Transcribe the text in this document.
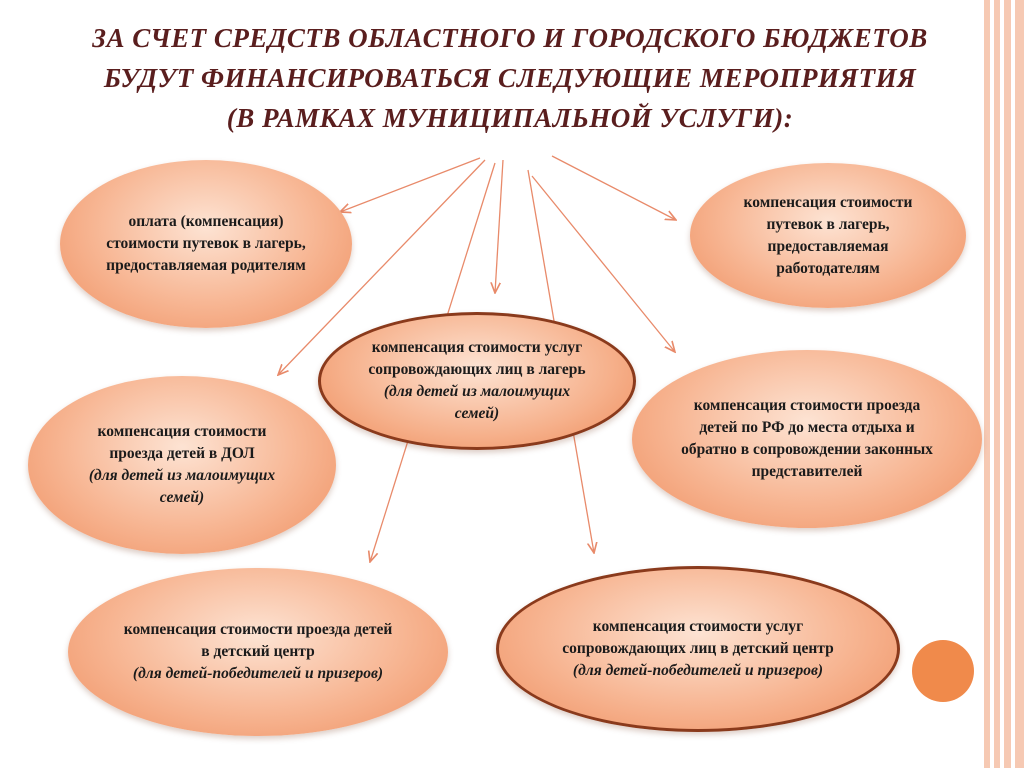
ЗА СЧЕТ СРЕДСТВ ОБЛАСТНОГО И ГОРОДСКОГО БЮДЖЕТОВ
БУДУТ ФИНАНСИРОВАТЬСЯ СЛЕДУЮЩИЕ МЕРОПРИЯТИЯ
(В РАМКАХ МУНИЦИПАЛЬНОЙ УСЛУГИ):
оплата (компенсация) стоимости путевок в лагерь, предоставляемая родителям
компенсация стоимости путевок в лагерь, предоставляемая работодателям
компенсация стоимости услуг сопровождающих лиц в лагерь
(для детей из малоимущих семей)
компенсация стоимости проезда детей в ДОЛ
(для детей из малоимущих семей)
компенсация стоимости проезда детей по РФ до места отдыха и обратно в сопровождении законных представителей
компенсация стоимости проезда детей в детский центр
(для детей-победителей и призеров)
компенсация стоимости услуг сопровождающих лиц в детский центр
(для детей-победителей и призеров)
